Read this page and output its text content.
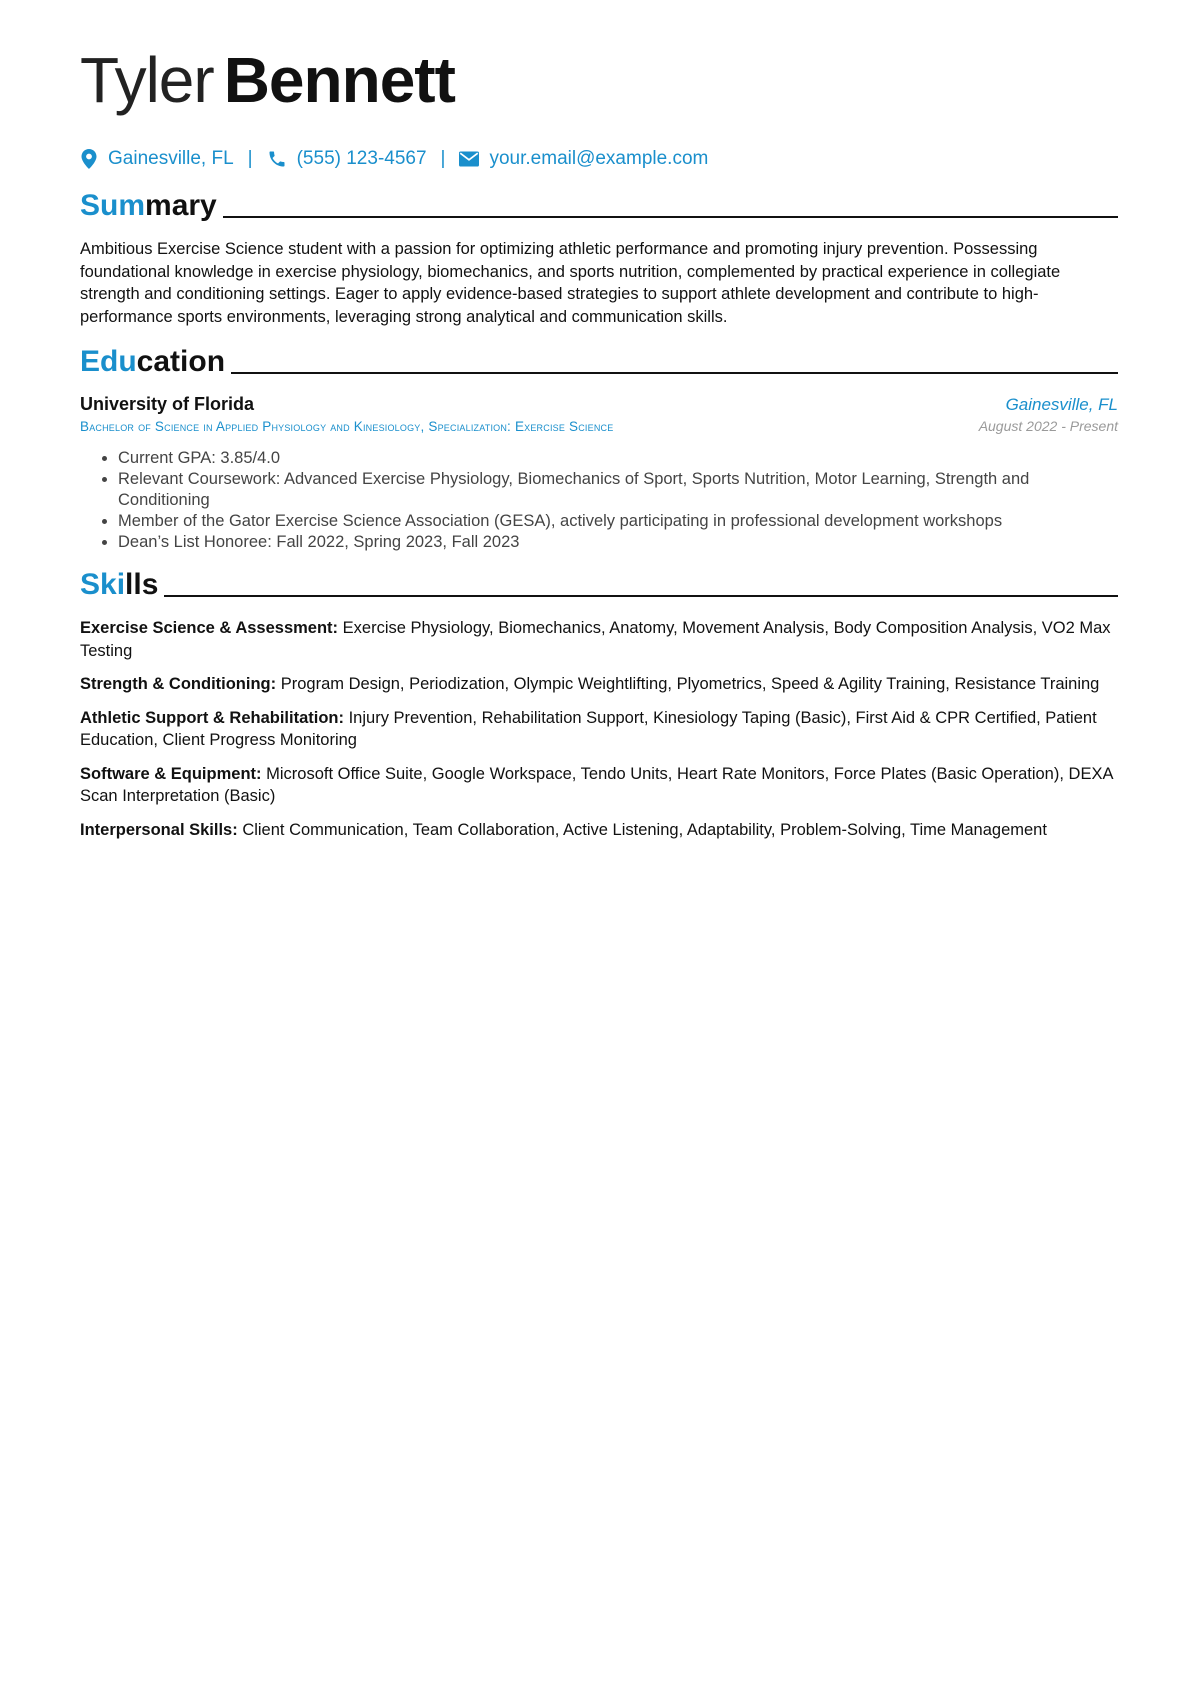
Tyler Bennett
Gainesville, FL | (555) 123-4567 | your.email@example.com
Summary
Ambitious Exercise Science student with a passion for optimizing athletic performance and promoting injury prevention. Possessing foundational knowledge in exercise physiology, biomechanics, and sports nutrition, complemented by practical experience in collegiate strength and conditioning settings. Eager to apply evidence-based strategies to support athlete development and contribute to high-performance sports environments, leveraging strong analytical and communication skills.
Education
University of Florida	Gainesville, FL
Bachelor of Science in Applied Physiology and Kinesiology, Specialization: Exercise Science	August 2022 - Present
• Current GPA: 3.85/4.0
• Relevant Coursework: Advanced Exercise Physiology, Biomechanics of Sport, Sports Nutrition, Motor Learning, Strength and Conditioning
• Member of the Gator Exercise Science Association (GESA), actively participating in professional development workshops
• Dean’s List Honoree: Fall 2022, Spring 2023, Fall 2023
Skills
Exercise Science & Assessment: Exercise Physiology, Biomechanics, Anatomy, Movement Analysis, Body Composition Analysis, VO2 Max Testing
Strength & Conditioning: Program Design, Periodization, Olympic Weightlifting, Plyometrics, Speed & Agility Training, Resistance Training
Athletic Support & Rehabilitation: Injury Prevention, Rehabilitation Support, Kinesiology Taping (Basic), First Aid & CPR Certified, Patient Education, Client Progress Monitoring
Software & Equipment: Microsoft Office Suite, Google Workspace, Tendo Units, Heart Rate Monitors, Force Plates (Basic Operation), DEXA Scan Interpretation (Basic)
Interpersonal Skills: Client Communication, Team Collaboration, Active Listening, Adaptability, Problem-Solving, Time Management
